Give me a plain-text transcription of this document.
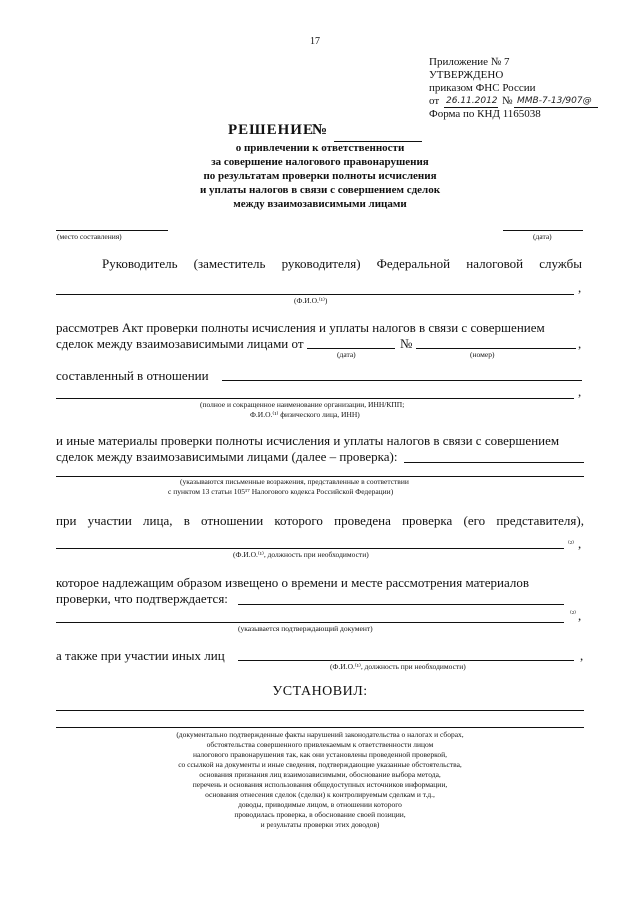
17
Приложение № 7
УТВЕРЖДЕНО
приказом ФНС России
от 26.11.2012 № ММВ-7-13/907@
Форма по КНД 1165038
РЕШЕНИЕ
№
о привлечении к ответственности
за совершение налогового правонарушения
по результатам проверки полноты исчисления
и уплаты налогов в связи с совершением сделок
между взаимозависимыми лицами
(место составления)	(дата)
Руководитель (заместитель руководителя) Федеральной налоговой службы
,
(Ф.И.О.⁽¹⁾)
рассмотрев Акт проверки полноты исчисления и уплаты налогов в связи с совершением
сделок между взаимозависимыми лицами от	№	,
(дата)	(номер)
составленный в отношении
,
(полное и сокращенное наименование организации, ИНН/КПП;
Ф.И.О.⁽¹⁾ физического лица, ИНН)
и иные материалы проверки полноты исчисления и уплаты налогов в связи с совершением
сделок между взаимозависимыми лицами (далее – проверка):
(указываются письменные возражения, представленные в соответствии
с пунктом 13 статьи 105¹⁷ Налогового кодекса Российской Федерации)
при участии лица, в отношении которого проведена проверка (его представителя),
⁽²⁾ ,
(Ф.И.О.⁽¹⁾, должность при необходимости)
которое надлежащим образом извещено о времени и месте рассмотрения материалов
проверки, что подтверждается:
⁽²⁾ ,
(указывается подтверждающий документ)
а также при участии иных лиц	,
(Ф.И.О.⁽¹⁾, должность при необходимости)
УСТАНОВИЛ:
(документально подтвержденные факты нарушений законодательства о налогах и сборах,
обстоятельства совершенного привлекаемым к ответственности лицом
налогового правонарушения так, как они установлены проведенной проверкой,
со ссылкой на документы и иные сведения, подтверждающие указанные обстоятельства,
основания признания лиц взаимозависимыми, обоснование выбора метода,
перечень и основания использования общедоступных источников информации,
основания отнесения сделок (сделки) к контролируемым сделкам и т.д.,
доводы, приводимые лицом, в отношении которого
проводилась проверка, в обоснование своей позиции,
и результаты проверки этих доводов)
